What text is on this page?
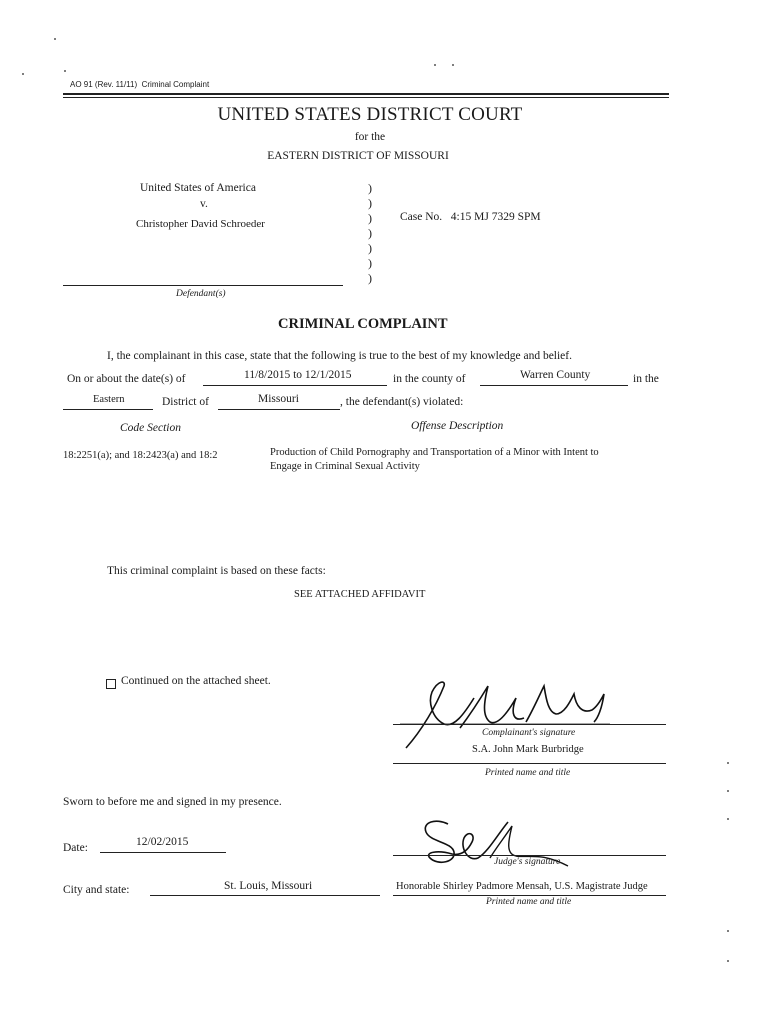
AO 91 (Rev. 11/11) Criminal Complaint
UNITED STATES DISTRICT COURT
for the
EASTERN DISTRICT OF MISSOURI
United States of America
v.
Christopher David Schroeder
Defendant(s)
)
)
)
)
)
)
)
Case No. 4:15 MJ 7329 SPM
CRIMINAL COMPLAINT
I, the complainant in this case, state that the following is true to the best of my knowledge and belief.
On or about the date(s) of	11/8/2015 to 12/1/2015	in the county of	Warren County	in the
Eastern	District of	Missouri	, the defendant(s) violated:
Code Section	Offense Description
18:2251(a); and 18:2423(a) and 18:2	Production of Child Pornography and Transportation of a Minor with Intent to
Engage in Criminal Sexual Activity
This criminal complaint is based on these facts:
SEE ATTACHED AFFIDAVIT
Continued on the attached sheet.
Complainant's signature
S.A. John Mark Burbridge
Printed name and title
Sworn to before me and signed in my presence.
Date:	12/02/2015
City and state:	St. Louis, Missouri
Judge's signature
Honorable Shirley Padmore Mensah, U.S. Magistrate Judge
Printed name and title
